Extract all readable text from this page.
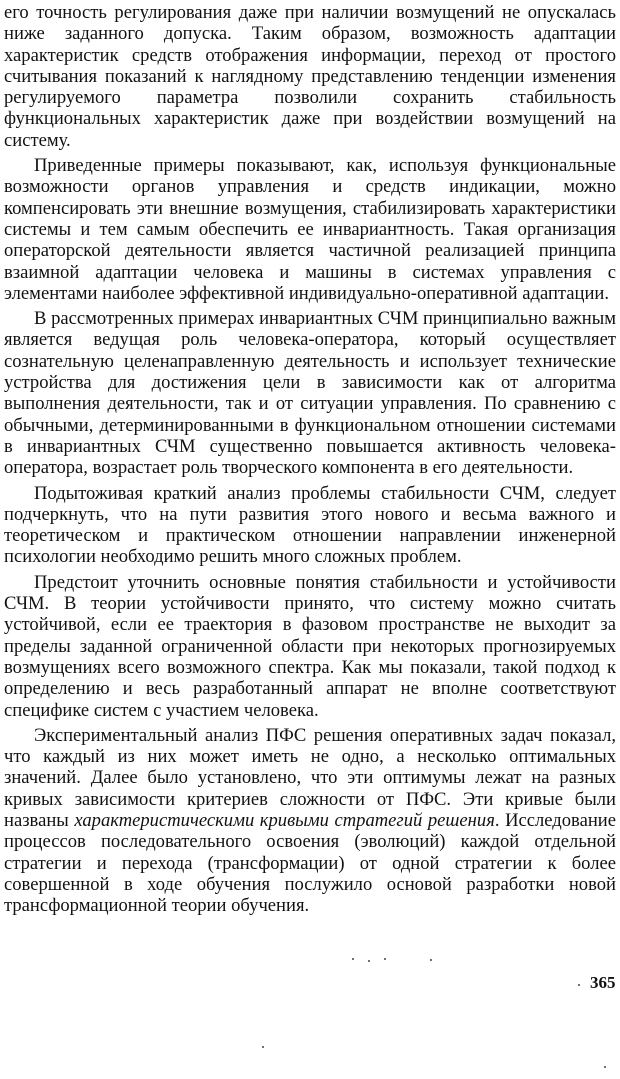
его точность регулирования даже при наличии возмущений не опускалась ниже заданного допуска. Таким образом, возможность адаптации характеристик средств отображения информации, переход от простого считывания показаний к наглядному представлению тенденции изменения регулируемого параметра позволили сохранить стабильность функциональных характеристик даже при воздействии возмущений на систему.

Приведенные примеры показывают, как, используя функциональные возможности органов управления и средств индикации, можно компенсировать эти внешние возмущения, стабилизировать характеристики системы и тем самым обеспечить ее инвариантность. Такая организация операторской деятельности является частичной реализацией принципа взаимной адаптации человека и машины в системах управления с элементами наиболее эффективной индивидуально-оперативной адаптации.

В рассмотренных примерах инвариантных СЧМ принципиально важным является ведущая роль человека-оператора, который осуществляет сознательную целенаправленную деятельность и использует технические устройства для достижения цели в зависимости как от алгоритма выполнения деятельности, так и от ситуации управления. По сравнению с обычными, детерминированными в функциональном отношении системами в инвариантных СЧМ существенно повышается активность человека-оператора, возрастает роль творческого компонента в его деятельности.

Подытоживая краткий анализ проблемы стабильности СЧМ, следует подчеркнуть, что на пути развития этого нового и весьма важного и теоретическом и практическом отношении направлении инженерной психологии необходимо решить много сложных проблем.

Предстоит уточнить основные понятия стабильности и устойчивости СЧМ. В теории устойчивости принято, что систему можно считать устойчивой, если ее траектория в фазовом пространстве не выходит за пределы заданной ограниченной области при некоторых прогнозируемых возмущениях всего возможного спектра. Как мы показали, такой подход к определению и весь разработанный аппарат не вполне соответствуют специфике систем с участием человека.

Экспериментальный анализ ПФС решения оперативных задач показал, что каждый из них может иметь не одно, а несколько оптимальных значений. Далее было установлено, что эти оптимумы лежат на разных кривых зависимости критериев сложности от ПФС. Эти кривые были названы характеристическими кривыми стратегий решения. Исследование процессов последовательного освоения (эволюций) каждой отдельной стратегии и перехода (трансформации) от одной стратегии к более совершенной в ходе обучения послужило основой разработки новой трансформационной теории обучения.

365
